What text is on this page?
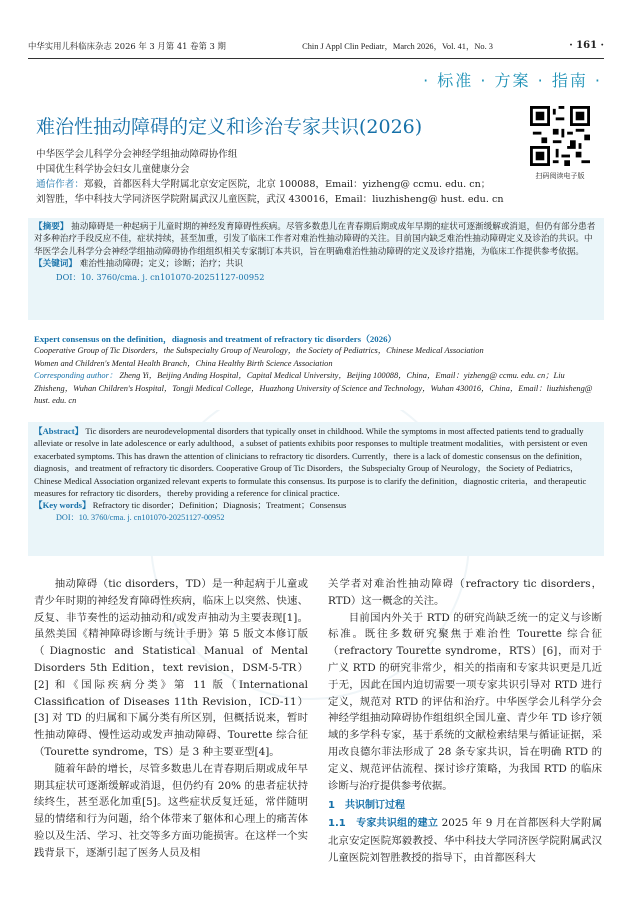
中华实用儿科临床杂志 2026 年 3 月第 41 卷第 3 期	Chin J Appl Clin Pediatr，March 2026，Vol. 41，No. 3	· 161 ·
· 标准 · 方案 · 指南 ·
难治性抽动障碍的定义和诊治专家共识(2026)
中华医学会儿科学分会神经学组抽动障碍协作组
中国优生科学协会妇女儿童健康分会
通信作者：郑毅，首都医科大学附属北京安定医院，北京 100088，Email：yizheng@ ccmu. edu. cn；
刘智胜，华中科技大学同济医学院附属武汉儿童医院，武汉 430016，Email：liuzhisheng@ hust. edu. cn
扫码阅读电子版
【摘要】 抽动障碍是一种起病于儿童时期的神经发育障碍性疾病。尽管多数患儿在青春期后期或成年早期的症状可逐渐缓解或消退，但仍有部分患者对多种治疗手段反应不佳，症状持续，甚至加重，引发了临床工作者对难治性抽动障碍的关注。目前国内缺乏难治性抽动障碍定义及诊治的共识。中华医学会儿科学分会神经学组抽动障碍协作组组织相关专家制订本共识，旨在明确难治性抽动障碍的定义及诊疗措施，为临床工作提供参考依据。
【关键词】 难治性抽动障碍；定义；诊断；治疗；共识
DOI：10. 3760/cma. j. cn101070-20251127-00952
Expert consensus on the definition，diagnosis and treatment of refractory tic disorders（2026）
Cooperative Group of Tic Disorders，the Subspecialty Group of Neurology，the Society of Pediatrics，Chinese Medical Association
Women and Children's Mental Health Branch，China Healthy Birth Science Association
Corresponding author： Zheng Yi，Beijing Anding Hospital，Capital Medical University，Beijing 100088，China，Email：yizheng@ ccmu. edu. cn；Liu Zhisheng，Wuhan Children's Hospital，Tongji Medical College，Huazhong University of Science and Technology，Wuhan 430016，China，Email：liuzhisheng@ hust. edu. cn
【Abstract】 Tic disorders are neurodevelopmental disorders that typically onset in childhood. While the symptoms in most affected patients tend to gradually alleviate or resolve in late adolescence or early adulthood，a subset of patients exhibits poor responses to multiple treatment modalities，with persistent or even exacerbated symptoms. This has drawn the attention of clinicians to refractory tic disorders. Currently，there is a lack of domestic consensus on the definition，diagnosis，and treatment of refractory tic disorders. Cooperative Group of Tic Disorders，the Subspecialty Group of Neurology，the Society of Pediatrics，Chinese Medical Association organized relevant experts to formulate this consensus. Its purpose is to clarify the definition，diagnostic criteria，and therapeutic measures for refractory tic disorders，thereby providing a reference for clinical practice.
【Key words】 Refractory tic disorder；Definition；Diagnosis；Treatment；Consensus
DOI：10. 3760/cma. j. cn101070-20251127-00952

抽动障碍（tic disorders，TD）是一种起病于儿童或青少年时期的神经发育障碍性疾病，临床上以突然、快速、反复、非节奏性的运动抽动和/或发声抽动为主要表现[1]。虽然美国《精神障碍诊断与统计手册》第 5 版文本修订版（Diagnostic and Statistical Manual of Mental Disorders 5th Edition，text revision，DSM-5-TR）[2] 和《国际疾病分类》第 11 版（International Classification of Diseases 11th Revision，ICD-11）[3] 对 TD 的归属和下属分类有所区别，但概括说来，暂时性抽动障碍、慢性运动或发声抽动障碍、Tourette 综合征（Tourette syndrome，TS）是 3 种主要亚型[4]。

随着年龄的增长，尽管多数患儿在青春期后期或成年早期其症状可逐渐缓解或消退，但仍约有 20% 的患者症状持续终生，甚至恶化加重[5]。这些症状反复迁延，常伴随明显的情绪和行为问题，给个体带来了躯体和心理上的痛苦体验以及生活、学习、社交等多方面功能损害。在这样一个实践背景下，逐渐引起了医务人员及相

关学者对难治性抽动障碍（refractory tic disorders，RTD）这一概念的关注。

目前国内外关于 RTD 的研究尚缺乏统一的定义与诊断标准。既往多数研究聚焦于难治性 Tourette 综合征（refractory Tourette syndrome，RTS）[6]，而对于广义 RTD 的研究非常少，相关的指南和专家共识更是几近于无，因此在国内迫切需要一项专家共识引导对 RTD 进行定义，规范对 RTD 的评估和治疗。中华医学会儿科学分会神经学组抽动障碍协作组组织全国儿童、青少年 TD 诊疗领域的多学科专家，基于系统的文献检索结果与循证证据，采用改良德尔菲法形成了 28 条专家共识，旨在明确 RTD 的定义、规范评估流程、探讨诊疗策略，为我国 RTD 的临床诊断与治疗提供参考依据。

1　共识制订过程

1.1　专家共识组的建立 2025 年 9 月在首都医科大学附属北京安定医院郑毅教授、华中科技大学同济医学院附属武汉儿童医院刘智胜教授的指导下，由首都医科大
